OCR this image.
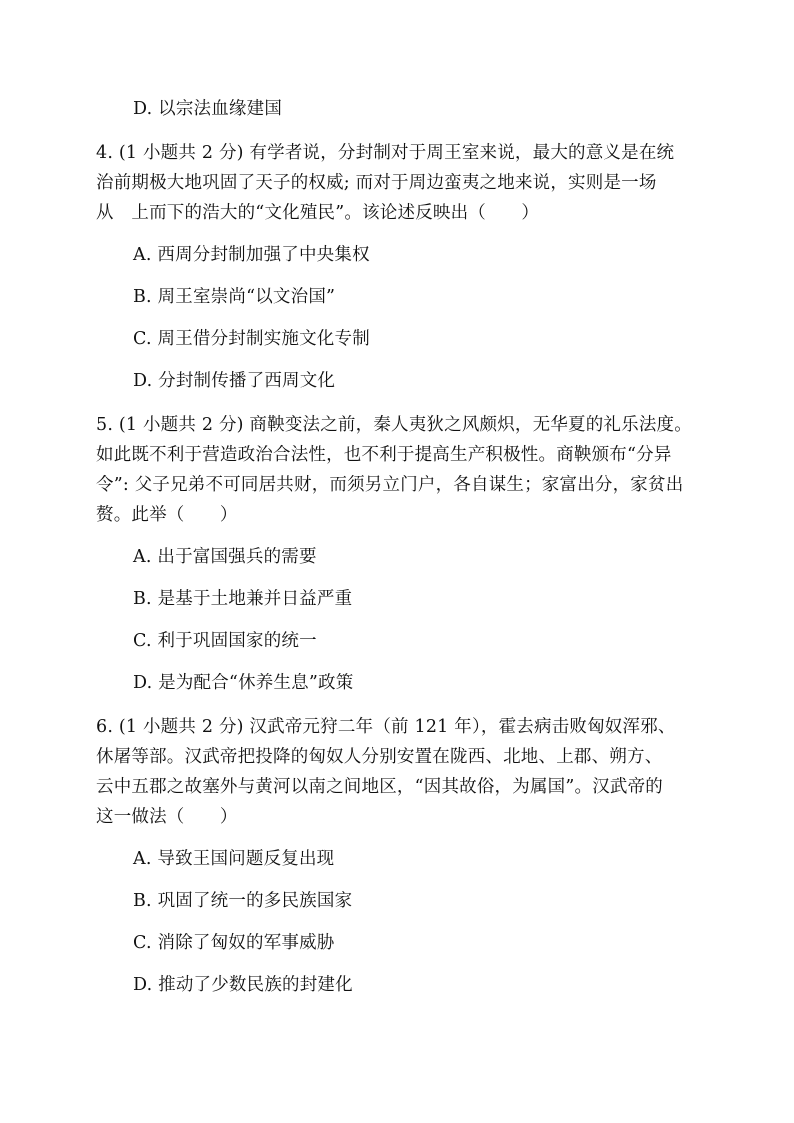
D. 以宗法血缘建国
4. (1 小题共 2 分) 有学者说，分封制对于周王室来说，最大的意义是在统
治前期极大地巩固了天子的权威; 而对于周边蛮夷之地来说，实则是一场
从　上而下的浩大的“文化殖民”。该论述反映出（　　）
A. 西周分封制加强了中央集权
B. 周王室崇尚“以文治国”
C. 周王借分封制实施文化专制
D. 分封制传播了西周文化
5. (1 小题共 2 分) 商鞅变法之前，秦人夷狄之风颇炽，无华夏的礼乐法度。
如此既不利于营造政治合法性，也不利于提高生产积极性。商鞅颁布“分异
令”: 父子兄弟不可同居共财，而须另立门户，各自谋生；家富出分，家贫出
赘。此举（　　）
A. 出于富国强兵的需要
B. 是基于土地兼并日益严重
C. 利于巩固国家的统一
D. 是为配合“休养生息”政策
6. (1 小题共 2 分) 汉武帝元狩二年（前 121 年），霍去病击败匈奴浑邪、
休屠等部。汉武帝把投降的匈奴人分别安置在陇西、北地、上郡、朔方、
云中五郡之故塞外与黄河以南之间地区，“因其故俗，为属国”。汉武帝的
这一做法（　　）
A. 导致王国问题反复出现
B. 巩固了统一的多民族国家
C. 消除了匈奴的军事威胁
D. 推动了少数民族的封建化
